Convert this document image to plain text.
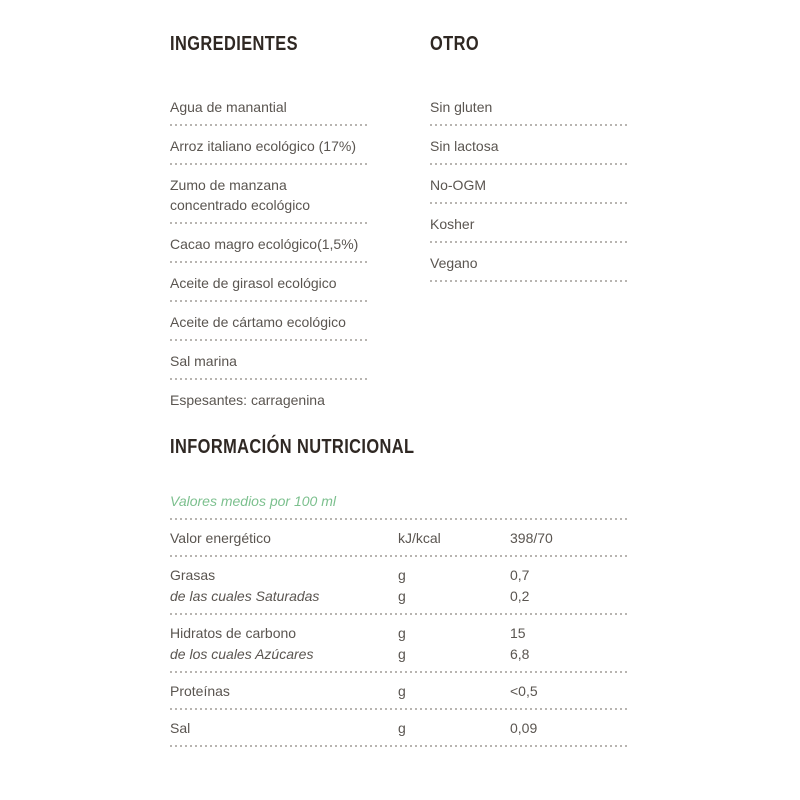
INGREDIENTES
Agua de manantial
Arroz italiano ecológico (17%)
Zumo de manzana concentrado ecológico
Cacao magro ecológico(1,5%)
Aceite de girasol ecológico
Aceite de cártamo ecológico
Sal marina
Espesantes: carragenina
OTRO
Sin gluten
Sin lactosa
No-OGM
Kosher
Vegano
INFORMACIÓN NUTRICIONAL

Valores medios por 100 ml

Valor energético	kJ/kcal	398/70
Grasas	g	0,7
de las cuales Saturadas	g	0,2
Hidratos de carbono	g	15
de los cuales Azúcares	g	6,8
Proteínas	g	<0,5
Sal	g	0,09
